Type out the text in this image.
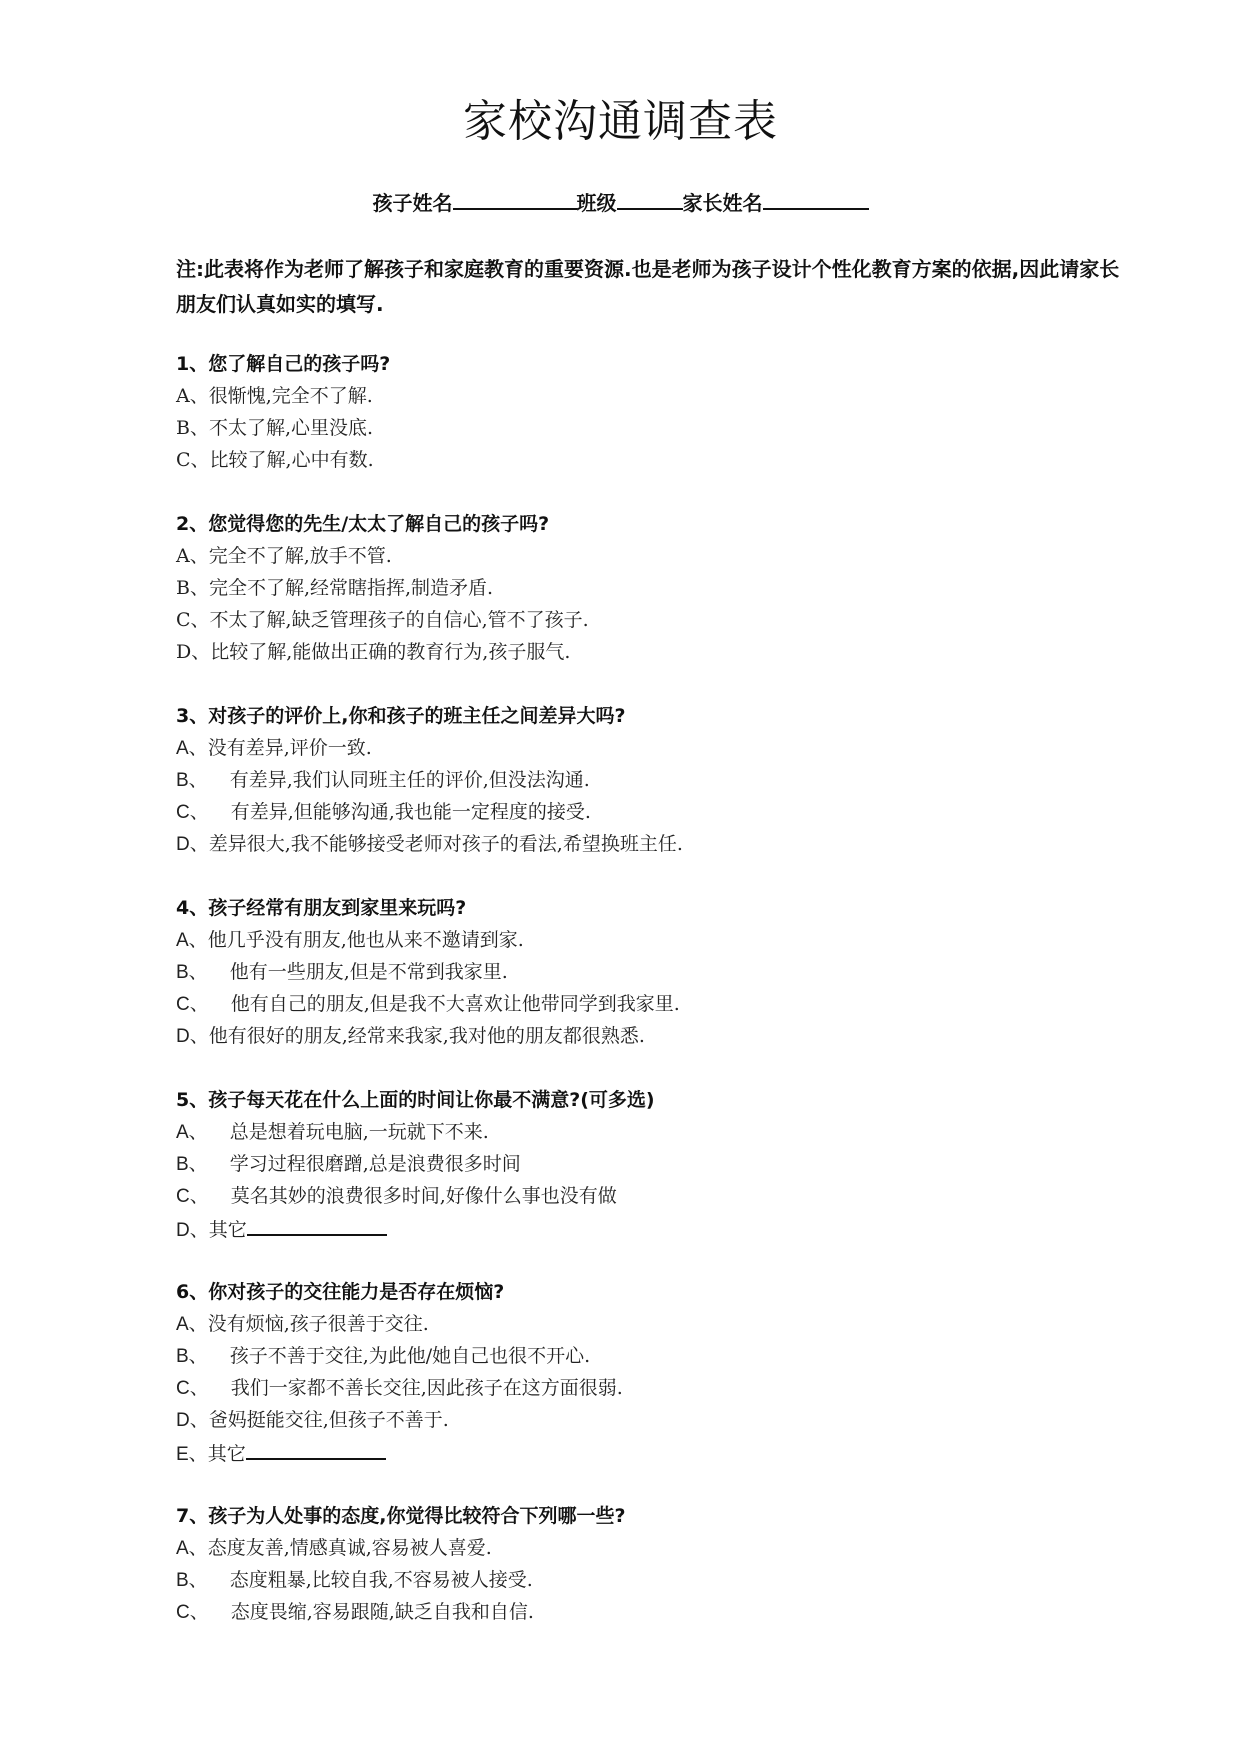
家校沟通调查表
孩子姓名	班级	家长姓名
注:此表将作为老师了解孩子和家庭教育的重要资源.也是老师为孩子设计个性化教育方案的依据,因此请家长朋友们认真如实的填写.
1、您了解自己的孩子吗?
A、很惭愧,完全不了解.
B、不太了解,心里没底.
C、比较了解,心中有数.
2、您觉得您的先生/太太了解自己的孩子吗?
A、完全不了解,放手不管.
B、完全不了解,经常瞎指挥,制造矛盾.
C、不太了解,缺乏管理孩子的自信心,管不了孩子.
D、比较了解,能做出正确的教育行为,孩子服气.
3、对孩子的评价上,你和孩子的班主任之间差异大吗?
A、没有差异,评价一致.
B、 有差异,我们认同班主任的评价,但没法沟通.
C、 有差异,但能够沟通,我也能一定程度的接受.
D、差异很大,我不能够接受老师对孩子的看法,希望换班主任.
4、孩子经常有朋友到家里来玩吗?
A、他几乎没有朋友,他也从来不邀请到家.
B、 他有一些朋友,但是不常到我家里.
C、 他有自己的朋友,但是我不大喜欢让他带同学到我家里.
D、他有很好的朋友,经常来我家,我对他的朋友都很熟悉.
5、孩子每天花在什么上面的时间让你最不满意?(可多选)
A、 总是想着玩电脑,一玩就下不来.
B、 学习过程很磨蹭,总是浪费很多时间
C、 莫名其妙的浪费很多时间,好像什么事也没有做
D、其它
6、你对孩子的交往能力是否存在烦恼?
A、没有烦恼,孩子很善于交往.
B、 孩子不善于交往,为此他/她自己也很不开心.
C、 我们一家都不善长交往,因此孩子在这方面很弱.
D、爸妈挺能交往,但孩子不善于.
E、其它
7、孩子为人处事的态度,你觉得比较符合下列哪一些?
A、态度友善,情感真诚,容易被人喜爱.
B、 态度粗暴,比较自我,不容易被人接受.
C、 态度畏缩,容易跟随,缺乏自我和自信.
